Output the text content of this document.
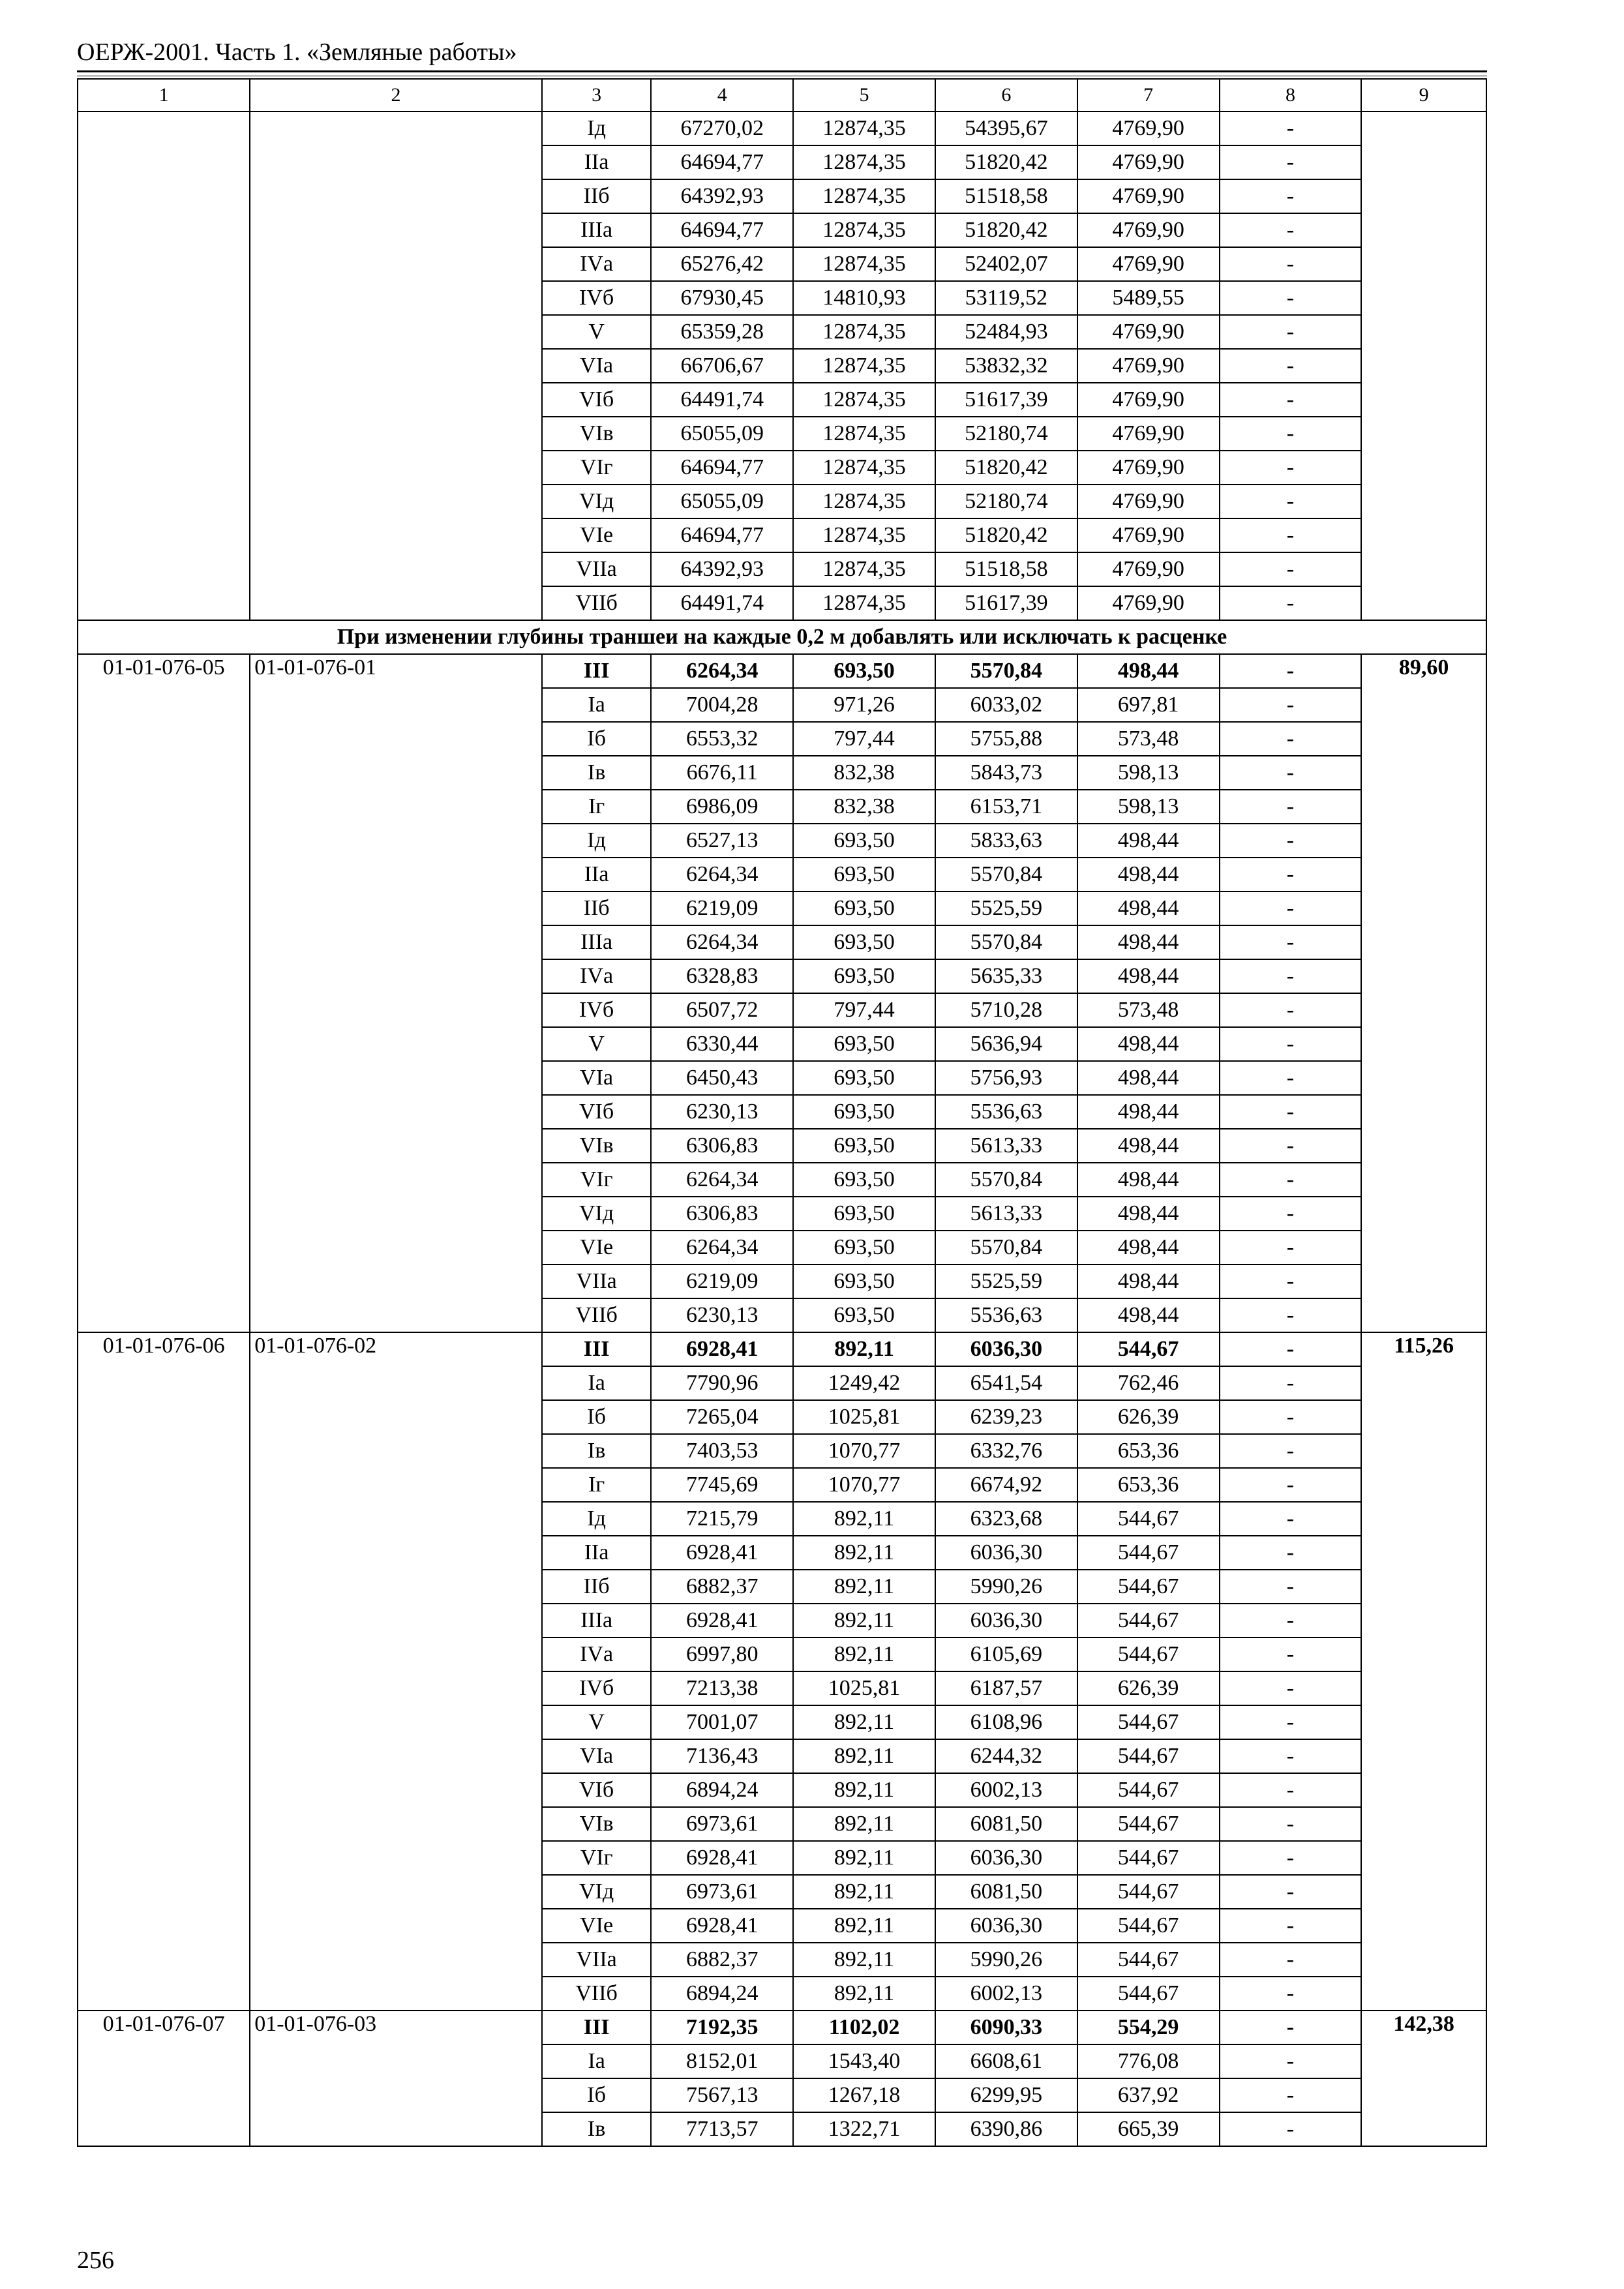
ОЕРЖ-2001. Часть 1. «Земляные работы»
1	2	3	4	5	6	7	8	9
		Iд	67270,02	12874,35	54395,67	4769,90	-	
		IIа	64694,77	12874,35	51820,42	4769,90	-	
		IIб	64392,93	12874,35	51518,58	4769,90	-	
		IIIа	64694,77	12874,35	51820,42	4769,90	-	
		IVа	65276,42	12874,35	52402,07	4769,90	-	
		IVб	67930,45	14810,93	53119,52	5489,55	-	
		V	65359,28	12874,35	52484,93	4769,90	-	
		VIа	66706,67	12874,35	53832,32	4769,90	-	
		VIб	64491,74	12874,35	51617,39	4769,90	-	
		VIв	65055,09	12874,35	52180,74	4769,90	-	
		VIг	64694,77	12874,35	51820,42	4769,90	-	
		VIд	65055,09	12874,35	52180,74	4769,90	-	
		VIе	64694,77	12874,35	51820,42	4769,90	-	
		VIIа	64392,93	12874,35	51518,58	4769,90	-	
		VIIб	64491,74	12874,35	51617,39	4769,90	-	
При изменении глубины траншеи на каждые 0,2 м добавлять или исключать к расценке								
01-01-076-05	01-01-076-01	III	6264,34	693,50	5570,84	498,44	-	89,60
		Iа	7004,28	971,26	6033,02	697,81	-	
		Iб	6553,32	797,44	5755,88	573,48	-	
		Iв	6676,11	832,38	5843,73	598,13	-	
		Iг	6986,09	832,38	6153,71	598,13	-	
		Iд	6527,13	693,50	5833,63	498,44	-	
		IIа	6264,34	693,50	5570,84	498,44	-	
		IIб	6219,09	693,50	5525,59	498,44	-	
		IIIа	6264,34	693,50	5570,84	498,44	-	
		IVа	6328,83	693,50	5635,33	498,44	-	
		IVб	6507,72	797,44	5710,28	573,48	-	
		V	6330,44	693,50	5636,94	498,44	-	
		VIа	6450,43	693,50	5756,93	498,44	-	
		VIб	6230,13	693,50	5536,63	498,44	-	
		VIв	6306,83	693,50	5613,33	498,44	-	
		VIг	6264,34	693,50	5570,84	498,44	-	
		VIд	6306,83	693,50	5613,33	498,44	-	
		VIе	6264,34	693,50	5570,84	498,44	-	
		VIIа	6219,09	693,50	5525,59	498,44	-	
		VIIб	6230,13	693,50	5536,63	498,44	-	
01-01-076-06	01-01-076-02	III	6928,41	892,11	6036,30	544,67	-	115,26
		Iа	7790,96	1249,42	6541,54	762,46	-	
		Iб	7265,04	1025,81	6239,23	626,39	-	
		Iв	7403,53	1070,77	6332,76	653,36	-	
		Iг	7745,69	1070,77	6674,92	653,36	-	
		Iд	7215,79	892,11	6323,68	544,67	-	
		IIа	6928,41	892,11	6036,30	544,67	-	
		IIб	6882,37	892,11	5990,26	544,67	-	
		IIIа	6928,41	892,11	6036,30	544,67	-	
		IVа	6997,80	892,11	6105,69	544,67	-	
		IVб	7213,38	1025,81	6187,57	626,39	-	
		V	7001,07	892,11	6108,96	544,67	-	
		VIа	7136,43	892,11	6244,32	544,67	-	
		VIб	6894,24	892,11	6002,13	544,67	-	
		VIв	6973,61	892,11	6081,50	544,67	-	
		VIг	6928,41	892,11	6036,30	544,67	-	
		VIд	6973,61	892,11	6081,50	544,67	-	
		VIе	6928,41	892,11	6036,30	544,67	-	
		VIIа	6882,37	892,11	5990,26	544,67	-	
		VIIб	6894,24	892,11	6002,13	544,67	-	
01-01-076-07	01-01-076-03	III	7192,35	1102,02	6090,33	554,29	-	142,38
		Iа	8152,01	1543,40	6608,61	776,08	-	
		Iб	7567,13	1267,18	6299,95	637,92	-	
		Iв	7713,57	1322,71	6390,86	665,39	-	
256
